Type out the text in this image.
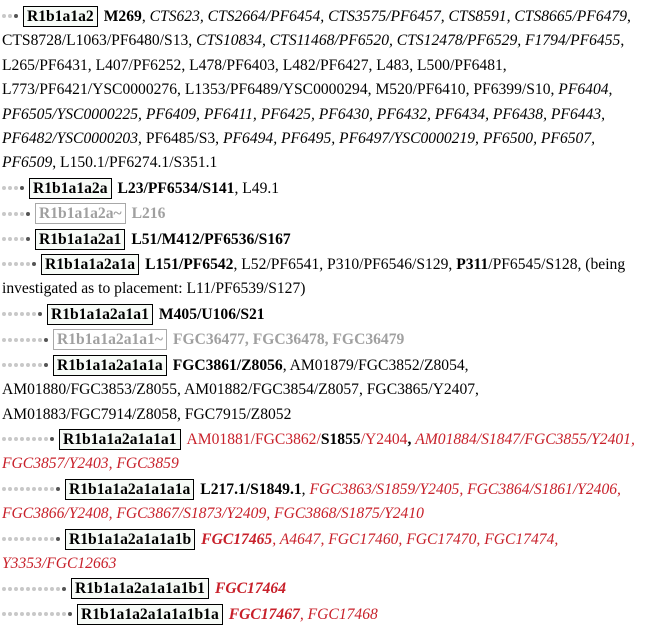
R1b1a1a2 M269, CTS623, CTS2664/PF6454, CTS3575/PF6457, CTS8591, CTS8665/PF6479, CTS8728/L1063/PF6480/S13, CTS10834, CTS11468/PF6520, CTS12478/PF6529, F1794/PF6455, L265/PF6431, L407/PF6252, L478/PF6403, L482/PF6427, L483, L500/PF6481, L773/PF6421/YSC0000276, L1353/PF6489/YSC0000294, M520/PF6410, PF6399/S10, PF6404, PF6505/YSC0000225, PF6409, PF6411, PF6425, PF6430, PF6432, PF6434, PF6438, PF6443, PF6482/YSC0000203, PF6485/S3, PF6494, PF6495, PF6497/YSC0000219, PF6500, PF6507, PF6509, L150.1/PF6274.1/S351.1

R1b1a1a2a L23/PF6534/S141, L49.1

R1b1a1a2a~ L216

R1b1a1a2a1 L51/M412/PF6536/S167

R1b1a1a2a1a L151/PF6542, L52/PF6541, P310/PF6546/S129, P311/PF6545/S128, (being investigated as to placement: L11/PF6539/S127)

R1b1a1a2a1a1 M405/U106/S21

R1b1a1a2a1a1~ FGC36477, FGC36478, FGC36479

R1b1a1a2a1a1a FGC3861/Z8056, AM01879/FGC3852/Z8054, AM01880/FGC3853/Z8055, AM01882/FGC3854/Z8057, FGC3865/Y2407, AM01883/FGC7914/Z8058, FGC7915/Z8052

R1b1a1a2a1a1a1 AM01881/FGC3862/S1855/Y2404, AM01884/S1847/FGC3855/Y2401, FGC3857/Y2403, FGC3859

R1b1a1a2a1a1a1a L217.1/S1849.1, FGC3863/S1859/Y2405, FGC3864/S1861/Y2406, FGC3866/Y2408, FGC3867/S1873/Y2409, FGC3868/S1875/Y2410

R1b1a1a2a1a1a1b FGC17465, A4647, FGC17460, FGC17470, FGC17474, Y3353/FGC12663

R1b1a1a2a1a1a1b1 FGC17464

R1b1a1a2a1a1a1b1a FGC17467, FGC17468
